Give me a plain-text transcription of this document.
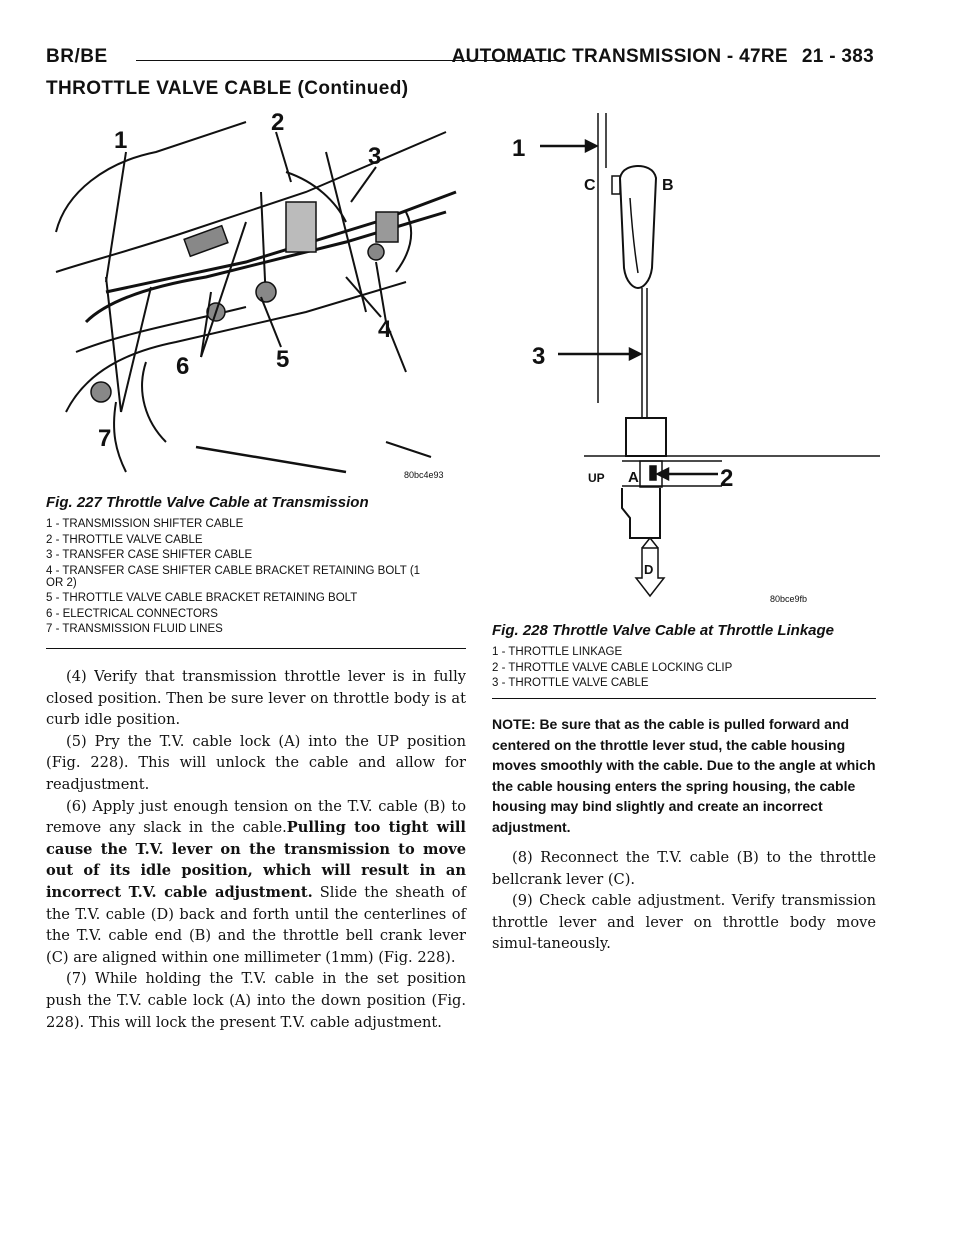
BR/BE	AUTOMATIC TRANSMISSION - 47RE 21 - 383
THROTTLE VALVE CABLE (Continued)
1
2
3
4
5
6
7
80bc4e93
Fig. 227 Throttle Valve Cable at Transmission
1 - TRANSMISSION SHIFTER CABLE
2 - THROTTLE VALVE CABLE
3 - TRANSFER CASE SHIFTER CABLE
4 - TRANSFER CASE SHIFTER CABLE BRACKET RETAINING BOLT (1 OR 2)
5 - THROTTLE VALVE CABLE BRACKET RETAINING BOLT
6 - ELECTRICAL CONNECTORS
7 - TRANSMISSION FLUID LINES
1
2
3
C	B
A
UP
D
80bce9fb
Fig. 228 Throttle Valve Cable at Throttle Linkage
1 - THROTTLE LINKAGE
2 - THROTTLE VALVE CABLE LOCKING CLIP
3 - THROTTLE VALVE CABLE

(4) Verify that transmission throttle lever is in fully closed position. Then be sure lever on throttle body is at curb idle position.

(5) Pry the T.V. cable lock (A) into the UP position (Fig. 228). This will unlock the cable and allow for readjustment.

(6) Apply just enough tension on the T.V. cable (B) to remove any slack in the cable.Pulling too tight will cause the T.V. lever on the transmission to move out of its idle position, which will result in an incorrect T.V. cable adjustment. Slide the sheath of the T.V. cable (D) back and forth until the centerlines of the T.V. cable end (B) and the throttle bell crank lever (C) are aligned within one millimeter (1mm) (Fig. 228).

(7) While holding the T.V. cable in the set position push the T.V. cable lock (A) into the down position (Fig. 228). This will lock the present T.V. cable adjustment.

NOTE: Be sure that as the cable is pulled forward and centered on the throttle lever stud, the cable housing moves smoothly with the cable. Due to the angle at which the cable housing enters the spring housing, the cable housing may bind slightly and create an incorrect adjustment.

(8) Reconnect the T.V. cable (B) to the throttle bellcrank lever (C).

(9) Check cable adjustment. Verify transmission throttle lever and lever on throttle body move simul-taneously.
